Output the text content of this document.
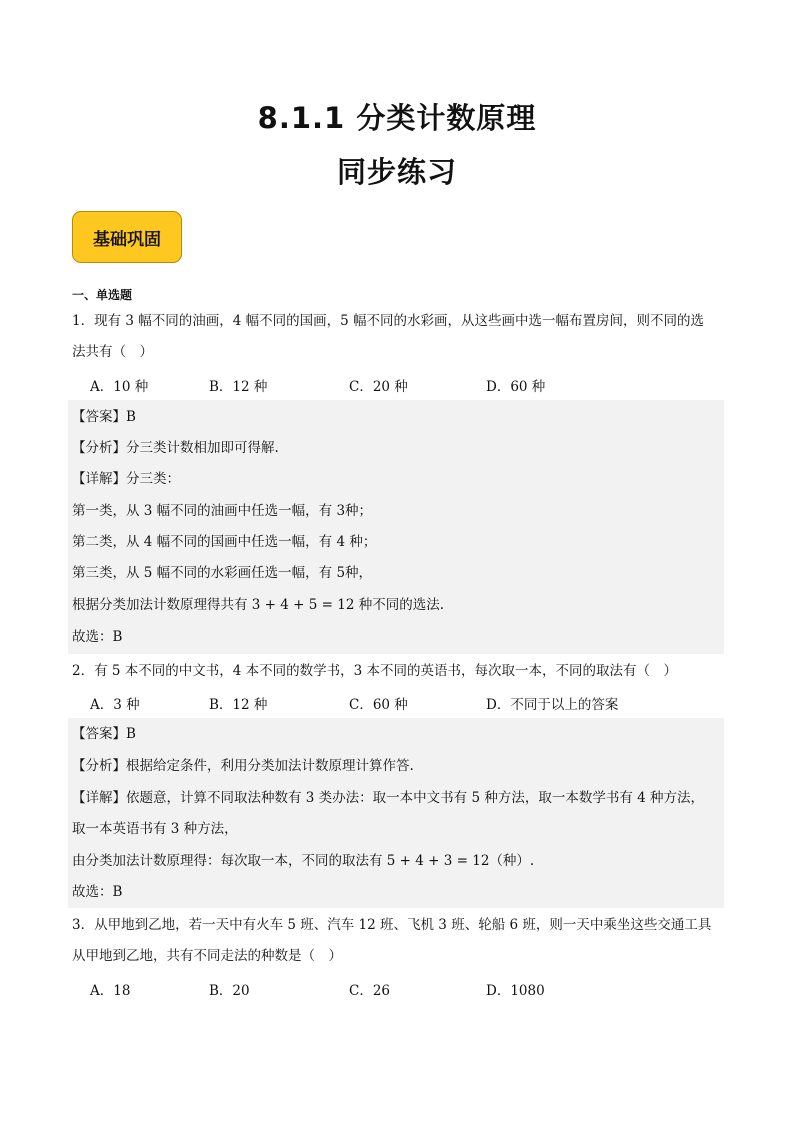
8.1.1 分类计数原理
同步练习
基础巩固
一、单选题
1．现有 3 幅不同的油画，4 幅不同的国画，5 幅不同的水彩画，从这些画中选一幅布置房间，则不同的选
法共有（　）
A．10 种	B．12 种	C．20 种	D．60 种
【答案】B
【分析】分三类计数相加即可得解.
【详解】分三类：
第一类，从 3 幅不同的油画中任选一幅，有 3种；
第二类，从 4 幅不同的国画中任选一幅，有 4 种；
第三类，从 5 幅不同的水彩画任选一幅，有 5种，
根据分类加法计数原理得共有 3 + 4 + 5 = 12 种不同的选法.
故选：B
2．有 5 本不同的中文书，4 本不同的数学书，3 本不同的英语书，每次取一本，不同的取法有（　）
A．3 种	B．12 种	C．60 种	D．不同于以上的答案
【答案】B
【分析】根据给定条件，利用分类加法计数原理计算作答.
【详解】依题意，计算不同取法种数有 3 类办法：取一本中文书有 5 种方法，取一本数学书有 4 种方法，
取一本英语书有 3 种方法，
由分类加法计数原理得：每次取一本，不同的取法有 5 + 4 + 3 = 12（种）.
故选：B
3．从甲地到乙地，若一天中有火车 5 班、汽车 12 班、飞机 3 班、轮船 6 班，则一天中乘坐这些交通工具
从甲地到乙地，共有不同走法的种数是（　）
A．18	B．20	C．26	D．1080
